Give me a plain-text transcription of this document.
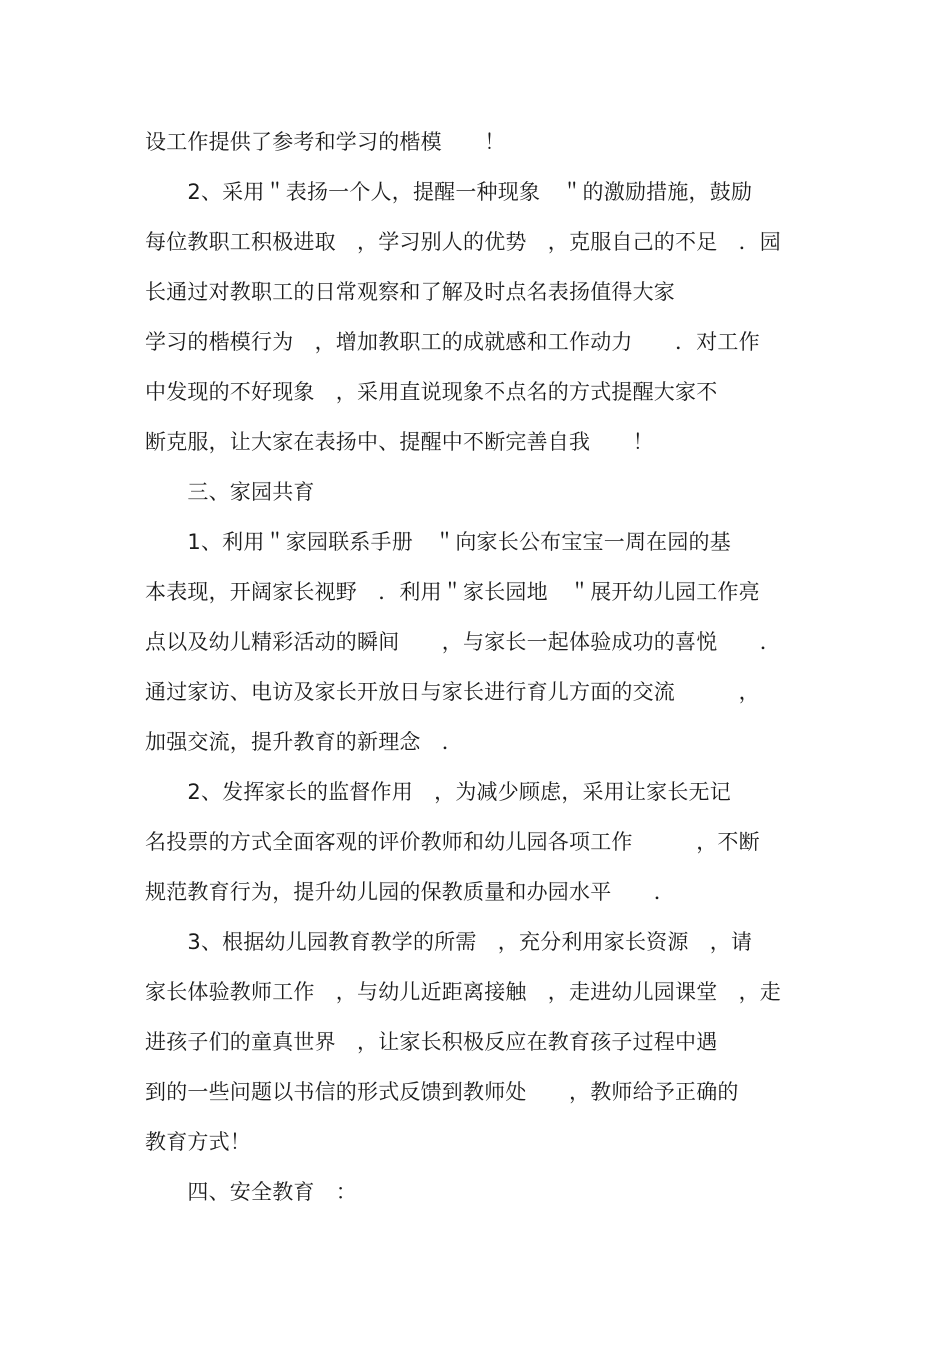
设工作提供了参考和学习的楷模　　！
　　2、采用＂表扬一个人，提醒一种现象　＂的激励措施，鼓励
每位教职工积极进取　，学习别人的优势　，克服自己的不足　．园
长通过对教职工的日常观察和了解及时点名表扬值得大家
学习的楷模行为　，增加教职工的成就感和工作动力　　．对工作
中发现的不好现象　，采用直说现象不点名的方式提醒大家不
断克服，让大家在表扬中、提醒中不断完善自我　　！
　　三、家园共育
　　1、利用＂家园联系手册　＂向家长公布宝宝一周在园的基
本表现，开阔家长视野　．利用＂家长园地　＂展开幼儿园工作亮
点以及幼儿精彩活动的瞬间　　，与家长一起体验成功的喜悦　　．
通过家访、电访及家长开放日与家长进行育儿方面的交流　　　，
加强交流，提升教育的新理念　．
　　2、发挥家长的监督作用　，为减少顾虑，采用让家长无记
名投票的方式全面客观的评价教师和幼儿园各项工作　　　，不断
规范教育行为，提升幼儿园的保教质量和办园水平　　．
　　3、根据幼儿园教育教学的所需　，充分利用家长资源　，请
家长体验教师工作　，与幼儿近距离接触　，走进幼儿园课堂　，走
进孩子们的童真世界　，让家长积极反应在教育孩子过程中遇
到的一些问题以书信的形式反馈到教师处　　，教师给予正确的
教育方式！
　　四、安全教育　：
